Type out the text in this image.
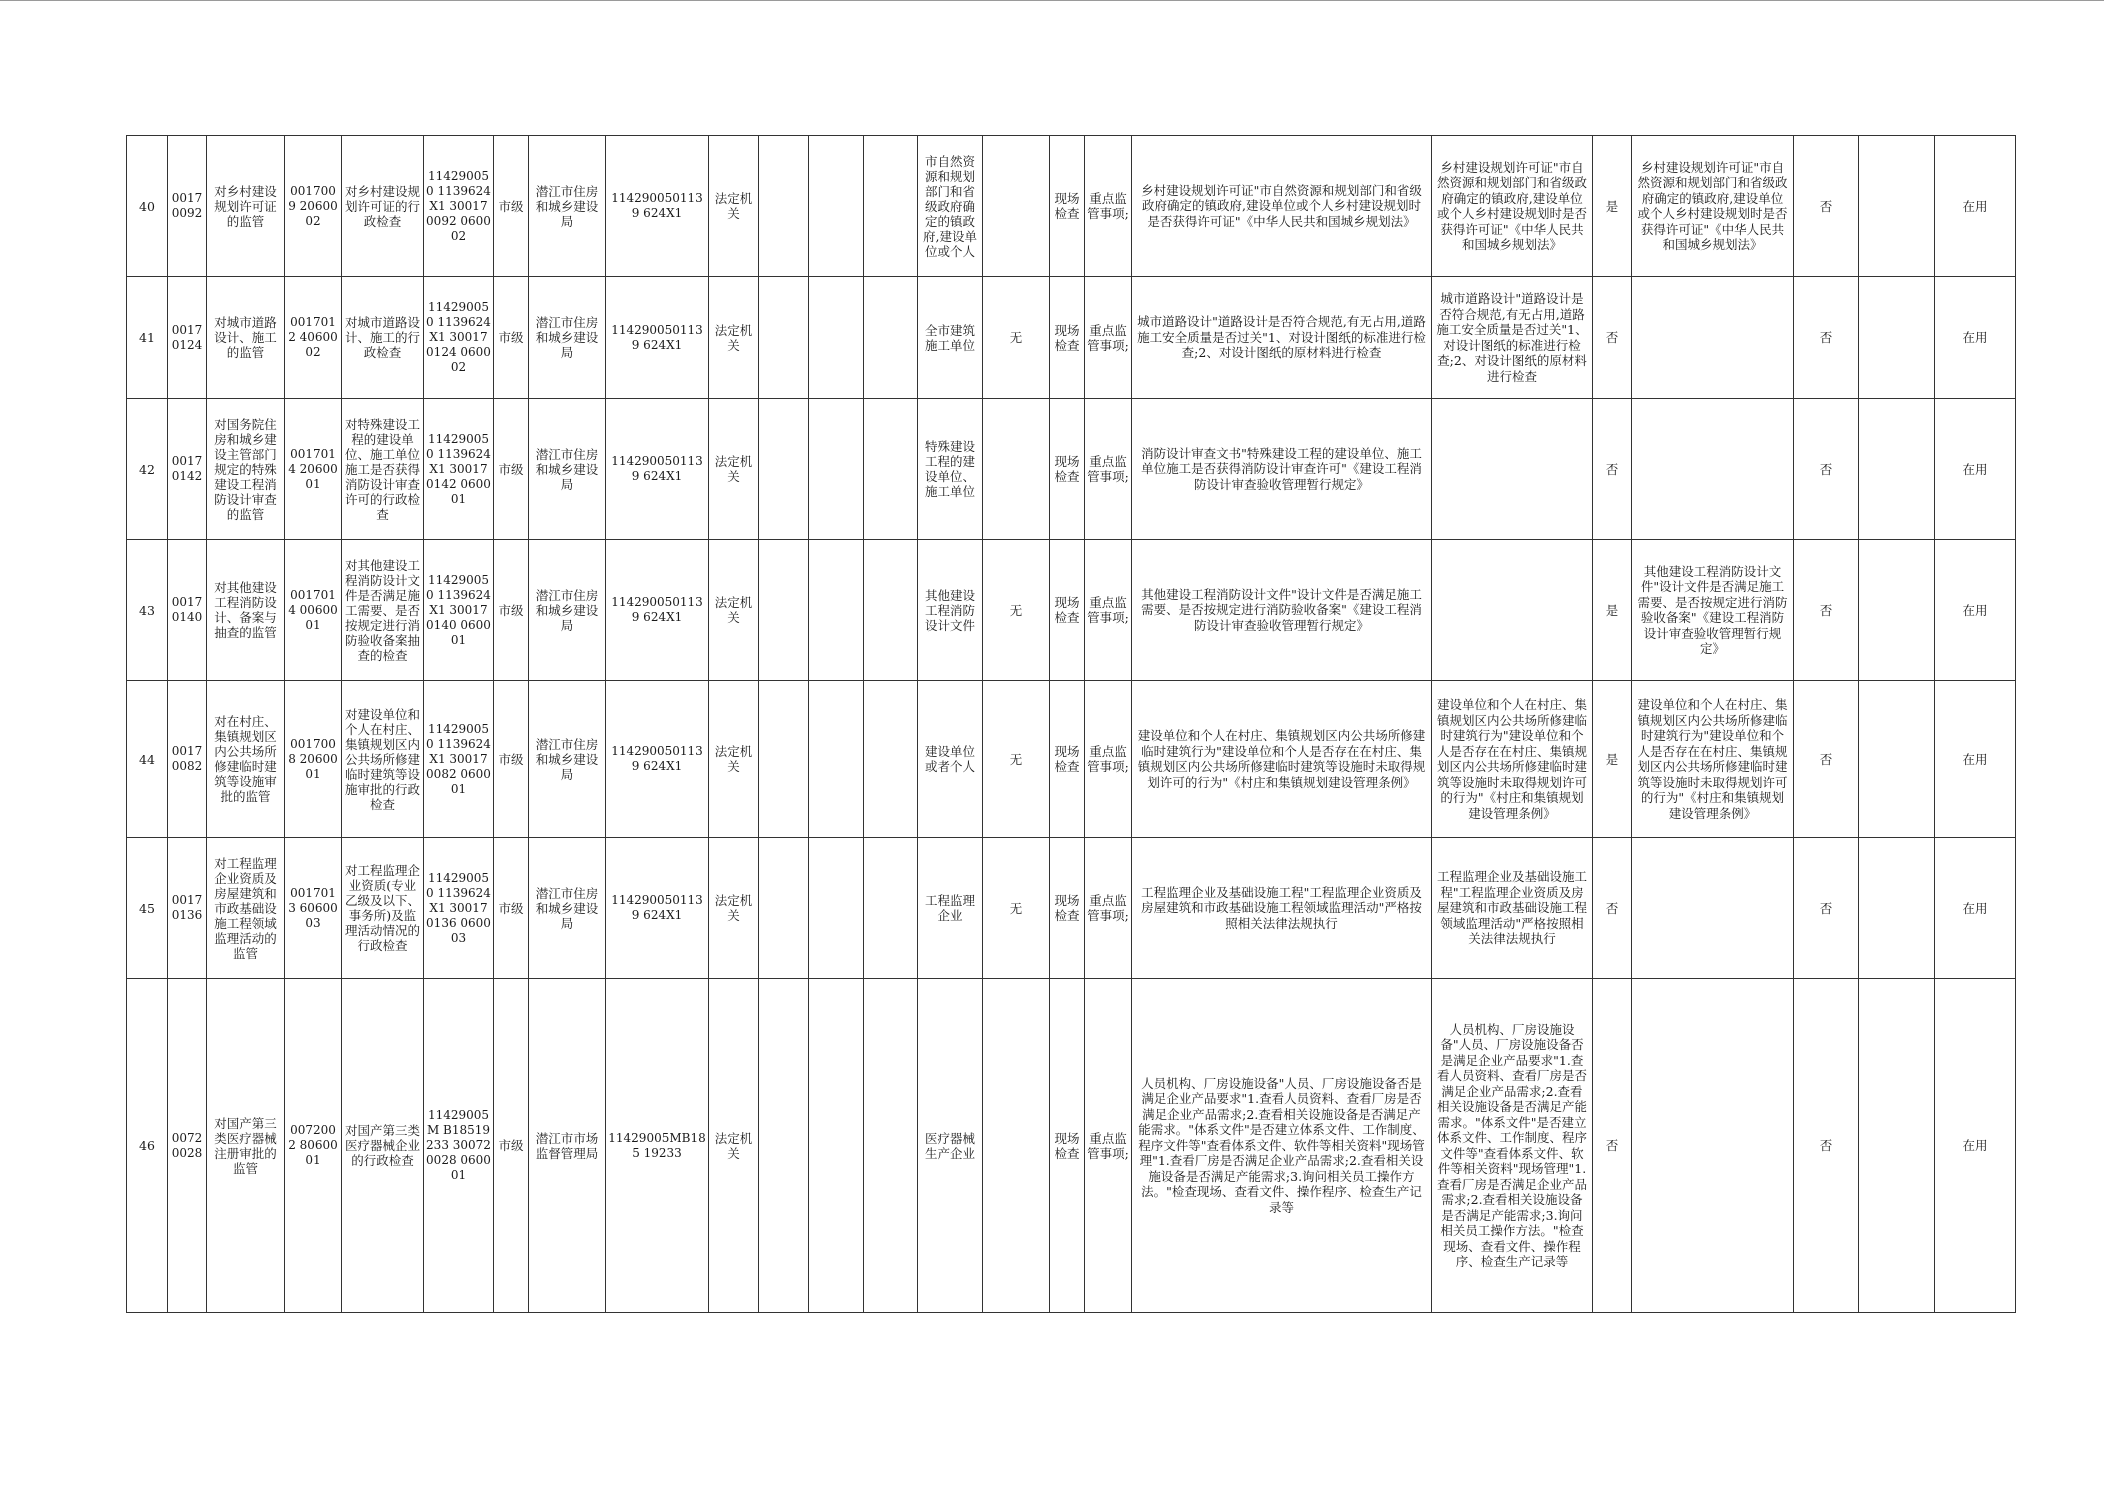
40	0017 0092	对乡村建设规划许可证的监管	0017009 2060002	对乡村建设规划许可证的行政检查	114290050 1139624X1 300170092 060002	市级	潜江市住房和城乡建设局	1142900501139 624X1	法定机关				市自然资源和规划部门和省级政府确定的镇政府,建设单位或个人		现场检查	重点监管事项;	乡村建设规划许可证"市自然资源和规划部门和省级政府确定的镇政府,建设单位或个人乡村建设规划时是否获得许可证"《中华人民共和国城乡规划法》	乡村建设规划许可证"市自然资源和规划部门和省级政府确定的镇政府,建设单位或个人乡村建设规划时是否获得许可证"《中华人民共和国城乡规划法》	是	乡村建设规划许可证"市自然资源和规划部门和省级政府确定的镇政府,建设单位或个人乡村建设规划时是否获得许可证"《中华人民共和国城乡规划法》	否		在用
41	0017 0124	对城市道路设计、施工的监管	0017012 4060002	对城市道路设计、施工的行政检查	114290050 1139624X1 300170124 060002	市级	潜江市住房和城乡建设局	1142900501139 624X1	法定机关				全市建筑施工单位	无	现场检查	重点监管事项;	城市道路设计"道路设计是否符合规范,有无占用,道路施工安全质量是否过关"1、对设计图纸的标准进行检查;2、对设计图纸的原材料进行检查	城市道路设计"道路设计是否符合规范,有无占用,道路施工安全质量是否过关"1、对设计图纸的标准进行检查;2、对设计图纸的原材料进行检查	否		否		在用
42	0017 0142	对国务院住房和城乡建设主管部门规定的特殊建设工程消防设计审查的监管	0017014 2060001	对特殊建设工程的建设单位、施工单位施工是否获得消防设计审查许可的行政检查	114290050 1139624X1 300170142 060001	市级	潜江市住房和城乡建设局	1142900501139 624X1	法定机关				特殊建设工程的建设单位、施工单位		现场检查	重点监管事项;	消防设计审查文书"特殊建设工程的建设单位、施工单位施工是否获得消防设计审查许可"《建设工程消防设计审查验收管理暂行规定》		否		否		在用
43	0017 0140	对其他建设工程消防设计、备案与抽查的监管	0017014 0060001	对其他建设工程消防设计文件是否满足施工需要、是否按规定进行消防验收备案抽查的检查	114290050 1139624X1 300170140 060001	市级	潜江市住房和城乡建设局	1142900501139 624X1	法定机关				其他建设工程消防设计文件	无	现场检查	重点监管事项;	其他建设工程消防设计文件"设计文件是否满足施工需要、是否按规定进行消防验收备案"《建设工程消防设计审查验收管理暂行规定》		是	其他建设工程消防设计文件"设计文件是否满足施工需要、是否按规定进行消防验收备案"《建设工程消防设计审查验收管理暂行规定》	否		在用
44	0017 0082	对在村庄、集镇规划区内公共场所修建临时建筑等设施审批的监管	0017008 2060001	对建设单位和个人在村庄、集镇规划区内公共场所修建临时建筑等设施审批的行政检查	114290050 1139624X1 300170082 060001	市级	潜江市住房和城乡建设局	1142900501139 624X1	法定机关				建设单位或者个人	无	现场检查	重点监管事项;	建设单位和个人在村庄、集镇规划区内公共场所修建临时建筑行为"建设单位和个人是否存在在村庄、集镇规划区内公共场所修建临时建筑等设施时未取得规划许可的行为"《村庄和集镇规划建设管理条例》	建设单位和个人在村庄、集镇规划区内公共场所修建临时建筑行为"建设单位和个人是否存在在村庄、集镇规划区内公共场所修建临时建筑等设施时未取得规划许可的行为"《村庄和集镇规划建设管理条例》	是	建设单位和个人在村庄、集镇规划区内公共场所修建临时建筑行为"建设单位和个人是否存在在村庄、集镇规划区内公共场所修建临时建筑等设施时未取得规划许可的行为"《村庄和集镇规划建设管理条例》	否		在用
45	0017 0136	对工程监理企业资质及房屋建筑和市政基础设施工程领域监理活动的监管	0017013 6060003	对工程监理企业资质(专业乙级及以下、事务所)及监理活动情况的行政检查	114290050 1139624X1 300170136 060003	市级	潜江市住房和城乡建设局	1142900501139 624X1	法定机关				工程监理企业	无	现场检查	重点监管事项;	工程监理企业及基础设施工程"工程监理企业资质及房屋建筑和市政基础设施工程领域监理活动"严格按照相关法律法规执行	工程监理企业及基础设施工程"工程监理企业资质及房屋建筑和市政基础设施工程领域监理活动"严格按照相关法律法规执行	否		否		在用
46	0072 0028	对国产第三类医疗器械注册审批的监管	0072002 8060001	对国产第三类医疗器械企业的行政检查	11429005M B18519233 300720028 060001	市级	潜江市市场监督管理局	11429005MB185 19233	法定机关				医疗器械生产企业		现场检查	重点监管事项;	人员机构、厂房设施设备"人员、厂房设施设备否是满足企业产品要求"1.查看人员资料、查看厂房是否满足企业产品需求;2.查看相关设施设备是否满足产能需求。"体系文件"是否建立体系文件、工作制度、程序文件等"查看体系文件、软件等相关资料"现场管理"1.查看厂房是否满足企业产品需求;2.查看相关设施设备是否满足产能需求;3.询问相关员工操作方法。"检查现场、查看文件、操作程序、检查生产记录等	人员机构、厂房设施设备"人员、厂房设施设备否是满足企业产品要求"1.查看人员资料、查看厂房是否满足企业产品需求;2.查看相关设施设备是否满足产能需求。"体系文件"是否建立体系文件、工作制度、程序文件等"查看体系文件、软件等相关资料"现场管理"1.查看厂房是否满足企业产品需求;2.查看相关设施设备是否满足产能需求;3.询问相关员工操作方法。"检查现场、查看文件、操作程序、检查生产记录等	否		否		在用
